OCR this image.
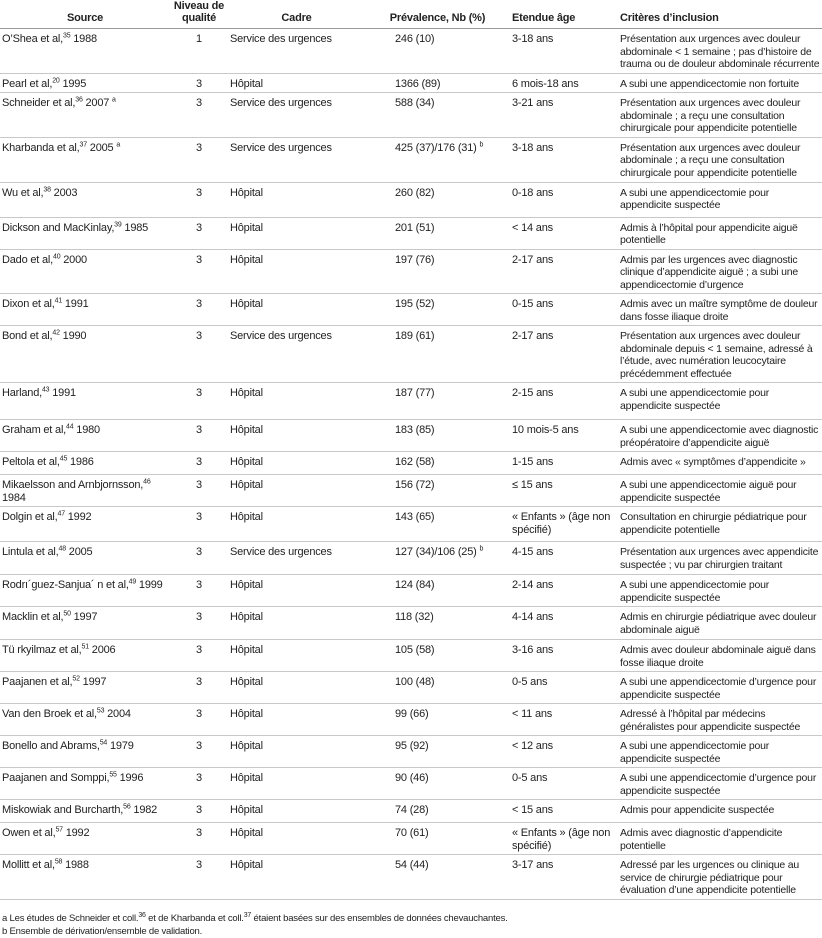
Source	Niveau de qualité	Cadre	Prévalence, Nb (%)	Etendue âge	Critères d’inclusion
O’Shea et al,$^{35}$ 1988	1	Service des urgences	246 (10)	3-18 ans	Présentation aux urgences avec douleur abdominale < 1 semaine ; pas d’histoire de trauma ou de douleur abdominale récurrente
Pearl et al,$^{20}$ 1995	3	Hôpital	1366 (89)	6 mois-18 ans	A subi une appendicectomie non fortuite
Schneider et al,$^{36}$ 2007 $^a$	3	Service des urgences	588 (34)	3-21 ans	Présentation aux urgences avec douleur abdominale ; a reçu une consultation chirurgicale pour appendicite potentielle
Kharbanda et al,$^{37}$ 2005 $^a$	3	Service des urgences	425 (37)/176 (31) $^b$	3-18 ans	Présentation aux urgences avec douleur abdominale ; a reçu une consultation chirurgicale pour appendicite potentielle
Wu et al,$^{38}$ 2003	3	Hôpital	260 (82)	0-18 ans	A subi une appendicectomie pour appendicite suspectée
Dickson and MacKinlay,$^{39}$ 1985	3	Hôpital	201 (51)	< 14 ans	Admis à l’hôpital pour appendicite aiguë potentielle
Dado et al,$^{40}$ 2000	3	Hôpital	197 (76)	2-17 ans	Admis par les urgences avec diagnostic clinique d’appendicite aiguë ; a subi une appendicectomie d’urgence
Dixon et al,$^{41}$ 1991	3	Hôpital	195 (52)	0-15 ans	Admis avec un maître symptôme de douleur dans fosse iliaque droite
Bond et al,$^{42}$ 1990	3	Service des urgences	189 (61)	2-17 ans	Présentation aux urgences avec douleur abdominale depuis < 1 semaine, adressé à l’étude, avec numération leucocytaire précédemment effectuée
Harland,$^{43}$ 1991	3	Hôpital	187 (77)	2-15 ans	A subi une appendicectomie pour appendicite suspectée
Graham et al,$^{44}$ 1980	3	Hôpital	183 (85)	10 mois-5 ans	A subi une appendicectomie avec diagnostic préopératoire d’appendicite aiguë
Peltola et al,$^{45}$ 1986	3	Hôpital	162 (58)	1-15 ans	Admis avec « symptômes d’appendicite »
Mikaelsson and Arnbjornsson,$^{46}$ 1984	3	Hôpital	156 (72)	≤ 15 ans	A subi une appendicectomie aiguë pour appendicite suspectée
Dolgin et al,$^{47}$ 1992	3	Hôpital	143 (65)	« Enfants » (âge non spécifié)	Consultation en chirurgie pédiatrique pour appendicite potentielle
Lintula et al,$^{48}$ 2005	3	Service des urgences	127 (34)/106 (25) $^b$	4-15 ans	Présentation aux urgences avec appendicite suspectée ; vu par chirurgien traitant
Rodrı´guez-Sanjua´ n et al,$^{49}$ 1999	3	Hôpital	124 (84)	2-14 ans	A subi une appendicectomie pour appendicite suspectée
Macklin et al,$^{50}$ 1997	3	Hôpital	118 (32)	4-14 ans	Admis en chirurgie pédiatrique avec douleur abdominale aiguë
Tü rkyilmaz et al,$^{51}$ 2006	3	Hôpital	105 (58)	3-16 ans	Admis avec douleur abdominale aiguë dans fosse iliaque droite
Paajanen et al,$^{52}$ 1997	3	Hôpital	100 (48)	0-5 ans	A subi une appendicectomie d’urgence pour appendicite suspectée
Van den Broek et al,$^{53}$ 2004	3	Hôpital	99 (66)	< 11 ans	Adressé à l’hôpital par médecins généralistes pour appendicite suspectée
Bonello and Abrams,$^{54}$ 1979	3	Hôpital	95 (92)	< 12 ans	A subi une appendicectomie pour appendicite suspectée
Paajanen and Somppi,$^{55}$ 1996	3	Hôpital	90 (46)	0-5 ans	A subi une appendicectomie d’urgence pour appendicite suspectée
Miskowiak and Burcharth,$^{56}$ 1982	3	Hôpital	74 (28)	< 15 ans	Admis pour appendicite suspectée
Owen et al,$^{57}$ 1992	3	Hôpital	70 (61)	« Enfants » (âge non spécifié)	Admis avec diagnostic d’appendicite potentielle
Mollitt et al,$^{58}$ 1988	3	Hôpital	54 (44)	3-17 ans	Adressé par les urgences ou clinique au service de chirurgie pédiatrique pour évaluation d’une appendicite potentielle
a Les études de Schneider et coll.$^{36}$ et de Kharbanda et coll.$^{37}$ étaient basées sur des ensembles de données chevauchantes.
b Ensemble de dérivation/ensemble de validation.
